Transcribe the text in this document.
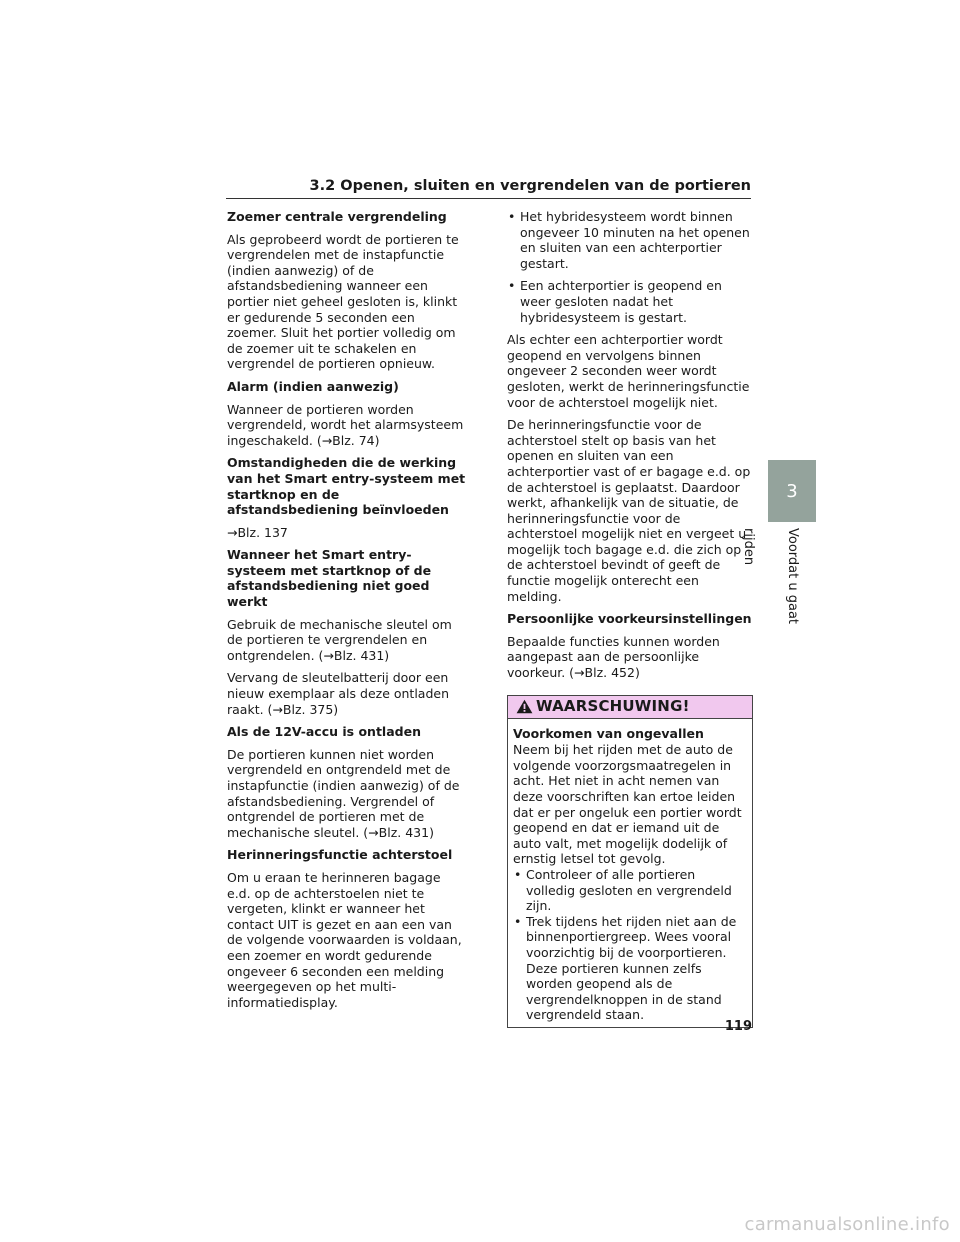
3.2 Openen, sluiten en vergrendelen van de portieren
Zoemer centrale vergrendeling

Als geprobeerd wordt de portieren te vergrendelen met de instapfunctie (indien aanwezig) of de afstandsbediening wanneer een portier niet geheel gesloten is, klinkt er gedurende 5 seconden een zoemer. Sluit het portier volledig om de zoemer uit te schakelen en vergrendel de portieren opnieuw.

Alarm (indien aanwezig)

Wanneer de portieren worden vergrendeld, wordt het alarmsysteem ingeschakeld. (→Blz. 74)

Omstandigheden die de werking van het Smart entry-systeem met startknop en de afstandsbediening beïnvloeden

→Blz. 137

Wanneer het Smart entry-systeem met startknop of de afstandsbediening niet goed werkt

Gebruik de mechanische sleutel om de portieren te vergrendelen en ontgrendelen. (→Blz. 431)

Vervang de sleutelbatterij door een nieuw exemplaar als deze ontladen raakt. (→Blz. 375)

Als de 12V-accu is ontladen

De portieren kunnen niet worden vergrendeld en ontgrendeld met de instapfunctie (indien aanwezig) of de afstandsbediening. Vergrendel of ontgrendel de portieren met de mechanische sleutel. (→Blz. 431)

Herinneringsfunctie achterstoel

Om u eraan te herinneren bagage e.d. op de achterstoelen niet te vergeten, klinkt er wanneer het contact UIT is gezet en aan een van de volgende voorwaarden is voldaan, een zoemer en wordt gedurende ongeveer 6 seconden een melding weergegeven op het multi-informatiedisplay.

• Het hybridesysteem wordt binnen ongeveer 10 minuten na het openen en sluiten van een achterportier gestart.
• Een achterportier is geopend en weer gesloten nadat het hybridesysteem is gestart.

Als echter een achterportier wordt geopend en vervolgens binnen ongeveer 2 seconden weer wordt gesloten, werkt de herinneringsfunctie voor de achterstoel mogelijk niet.

De herinneringsfunctie voor de achterstoel stelt op basis van het openen en sluiten van een achterportier vast of er bagage e.d. op de achterstoel is geplaatst. Daardoor werkt, afhankelijk van de situatie, de herinneringsfunctie voor de achterstoel mogelijk niet en vergeet u mogelijk toch bagage e.d. die zich op de achterstoel bevindt of geeft de functie mogelijk onterecht een melding.

Persoonlijke voorkeursinstellingen

Bepaalde functies kunnen worden aangepast aan de persoonlijke voorkeur. (→Blz. 452)

WAARSCHUWING!
Voorkomen van ongevallen

Neem bij het rijden met de auto de volgende voorzorgsmaatregelen in acht. Het niet in acht nemen van deze voorschriften kan ertoe leiden dat er per ongeluk een portier wordt geopend en dat er iemand uit de auto valt, met mogelijk dodelijk of ernstig letsel tot gevolg.

• Controleer of alle portieren volledig gesloten en vergrendeld zijn.
• Trek tijdens het rijden niet aan de binnenportiergreep. Wees vooral voorzichtig bij de voorportieren. Deze portieren kunnen zelfs worden geopend als de vergrendelknoppen in de stand vergrendeld staan.
3
Voordat u gaat rijden
119
carmanualsonline.info
